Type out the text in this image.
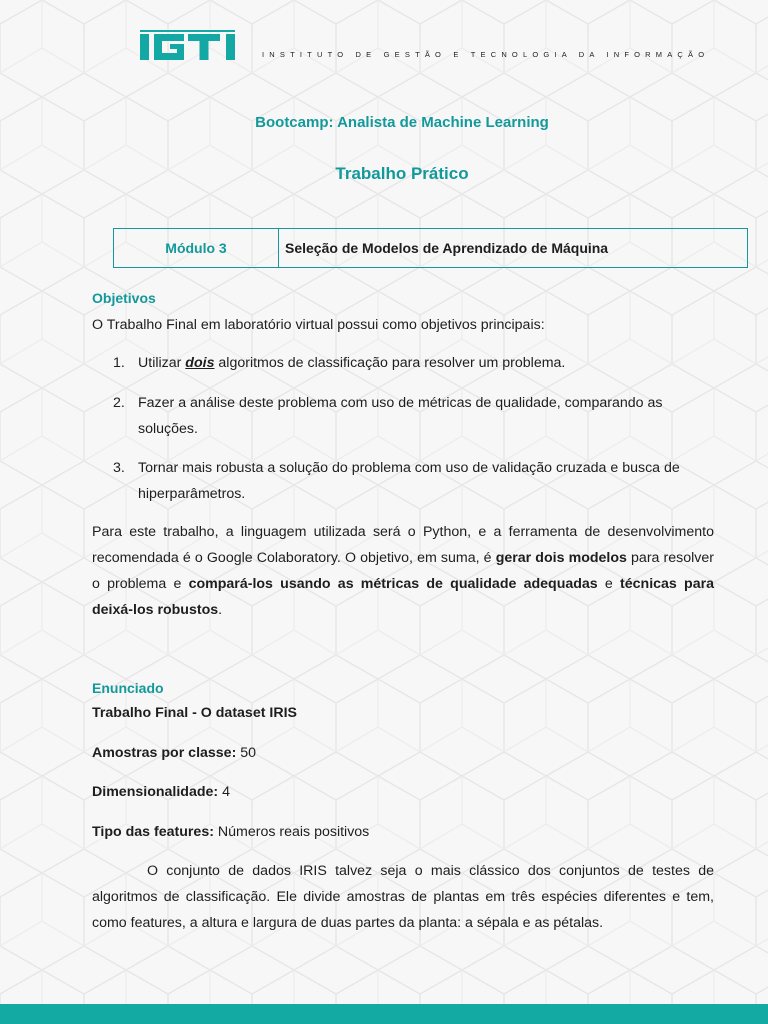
INSTITUTO DE GESTÃO E TECNOLOGIA DA INFORMAÇÃO
Bootcamp: Analista de Machine Learning
Trabalho Prático
Módulo 3	Seleção de Modelos de Aprendizado de Máquina
Objetivos
O Trabalho Final em laboratório virtual possui como objetivos principais:
1. Utilizar dois algoritmos de classificação para resolver um problema.
2. Fazer a análise deste problema com uso de métricas de qualidade, comparando as soluções.
3. Tornar mais robusta a solução do problema com uso de validação cruzada e busca de hiperparâmetros.
Para este trabalho, a linguagem utilizada será o Python, e a ferramenta de desenvolvimento recomendada é o Google Colaboratory. O objetivo, em suma, é gerar dois modelos para resolver o problema e compará-los usando as métricas de qualidade adequadas e técnicas para deixá-los robustos.
Enunciado
Trabalho Final - O dataset IRIS
Amostras por classe: 50
Dimensionalidade: 4
Tipo das features: Números reais positivos
O conjunto de dados IRIS talvez seja o mais clássico dos conjuntos de testes de algoritmos de classificação. Ele divide amostras de plantas em três espécies diferentes e tem, como features, a altura e largura de duas partes da planta: a sépala e as pétalas.
